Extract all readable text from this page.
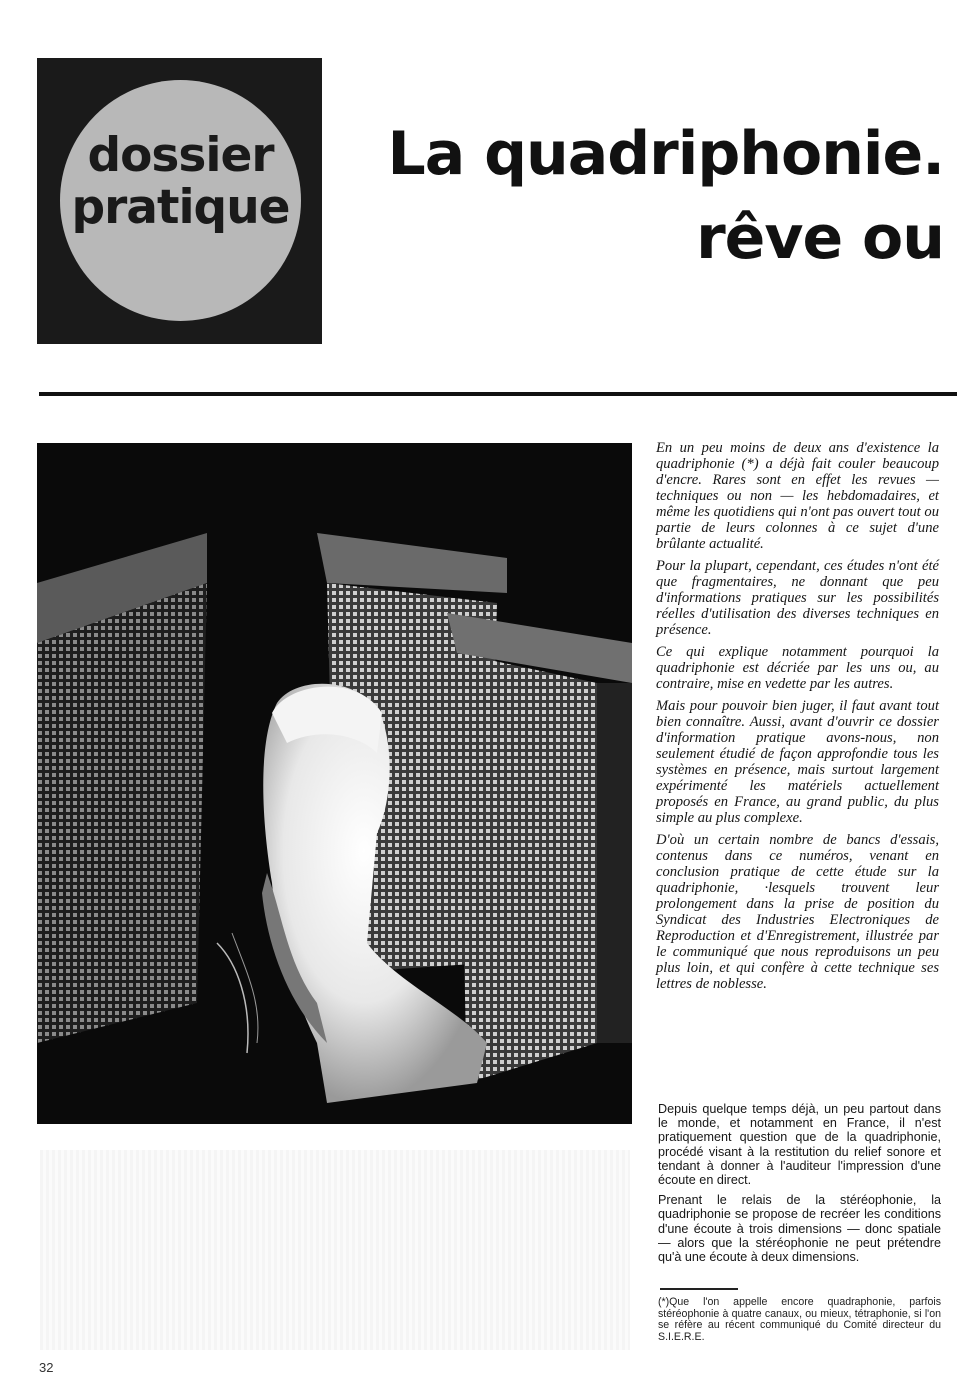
dossier
pratique
La quadriphonie.
rêve ou

En un peu moins de deux ans d'existence la quadriphonie (*) a déjà fait couler beaucoup d'encre. Rares sont en effet les revues — techniques ou non — les hebdomadaires, et même les quotidiens qui n'ont pas ouvert tout ou partie de leurs colonnes à ce sujet d'une brûlante actualité.

Pour la plupart, cependant, ces études n'ont été que fragmentaires, ne donnant que peu d'informations pratiques sur les possibilités réelles d'utilisation des diverses techniques en présence.

Ce qui explique notamment pourquoi la quadriphonie est décriée par les uns ou, au contraire, mise en vedette par les autres.

Mais pour pouvoir bien juger, il faut avant tout bien connaître. Aussi, avant d'ouvrir ce dossier d'information pratique avons-nous, non seulement étudié de façon approfondie tous les systèmes en présence, mais surtout largement expérimenté les matériels actuellement proposés en France, au grand public, du plus simple au plus complexe.

D'où un certain nombre de bancs d'essais, contenus dans ce numéros, venant en conclusion pratique de cette étude sur la quadriphonie, ·lesquels trouvent leur prolongement dans la prise de position du Syndicat des Industries Electroniques de Reproduction et d'Enregistrement, illustrée par le communiqué que nous reproduisons un peu plus loin, et qui confère à cette technique ses lettres de noblesse.

Depuis quelque temps déjà, un peu partout dans le monde, et notamment en France, il n'est pratiquement question que de la quadriphonie, procédé visant à la restitution du relief sonore et tendant à donner à l'auditeur l'impression d'une écoute en direct.

Prenant le relais de la stéréophonie, la quadriphonie se propose de recréer les conditions d'une écoute à trois dimensions — donc spatiale — alors que la stéréophonie ne peut prétendre qu'à une écoute à deux dimensions.

(*)Que l'on appelle encore quadraphonie, parfois stéréophonie à quatre canaux, ou mieux, tétraphonie, si l'on se réfère au récent communiqué du Comité directeur du S.I.E.R.E.
32
